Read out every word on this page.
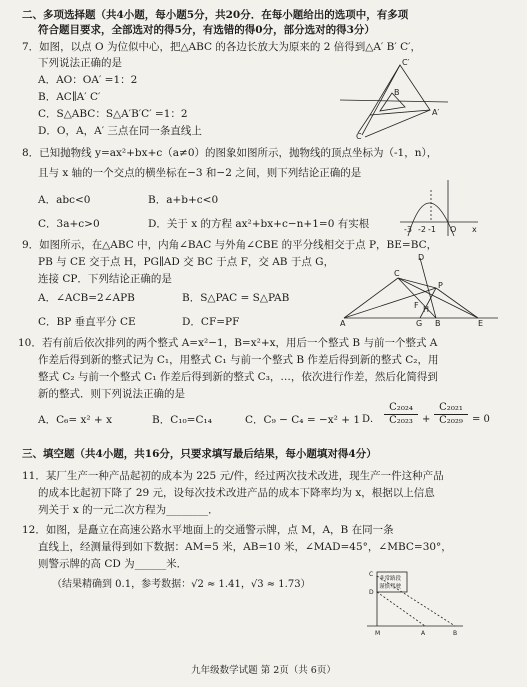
二、多项选择题（共4小题，每小题5分，共20分．在每小题给出的选项中，有多项
符合题目要求，全部选对的得5分，有选错的得0分，部分选对的得3分）
7．如图，以点 O 为位似中心，把△ABC 的各边长放大为原来的 2 倍得到△A′ B′ C′，
下列说法正确的是
A．AO：OA′ =1：2
B．AC∥A′ C′
C．S△ABC：S△A′B′C′ =1：2
D．O，A，A′ 三点在同一条直线上
C′
B
A′
C
8．已知抛物线 y=ax²+bx+c（a≠0）的图象如图所示，抛物线的顶点坐标为（-1，n），
且与 x 轴的一个交点的横坐标在−3 和−2 之间，则下列结论正确的是
A．abc<0	B．a+b+c<0
C．3a+c>0	D．关于 x 的方程 ax²+bx+c−n+1=0 有实根	-3 -2 -1 O x
9．如图所示，在△ABC 中，内角∠BAC 与外角∠CBE 的平分线相交于点 P，BE=BC，
PB 与 CE 交于点 H，PG∥AD 交 BC 于点 F，交 AB 于点 G，
连接 CP．下列结论正确的是
A．∠ACB=2∠APB	B．S△PAC = S△PAB
C．BP 垂直平分 CE	D．CF=PF	A
C
D
P
H
F
G B	E
10．若有前后依次排列的两个整式 A=x²−1，B=x²+x，用后一个整式 B 与前一个整式 A
作差后得到新的整式记为 C₁，用整式 C₁ 与前一个整式 B 作差后得到新的整式 C₂，用
整式 C₂ 与前一个整式 C₁ 作差后得到新的整式 C₃，…，依次进行作差，然后化简得到
新的整式．则下列说法正确的是
A．C₆= x² + x	B．C₁₀=C₁₄	C．C₉ − C₄ = −x² + 1 D．
C₂₀₂₄
C₂₀₂₃ +
C₂₀₂₁
C₂₀₂₉ = 0
三、填空题（共4小题，共16分，只要求填写最后结果，每小题填对得4分）
11．某厂生产一种产品起初的成本为 225 元/件，经过两次技术改进，现生产一件这种产品
的成本比起初下降了 29 元，设每次技术改进产品的成本下降率均为 x，根据以上信息
列关于 x 的一元二次方程为________．
12．如图，是矗立在高速公路水平地面上的交通警示牌，点 M，A，B 在同一条
直线上，经测量得到如下数据：AM=5 米，AB=10 米，∠MAD=45°，∠MBC=30°，
则警示牌的高 CD 为______米．
（结果精确到 0.1，参考数据：√2 ≈ 1.41，√3 ≈ 1.73）	非常路段
谨慎驾驶
C
D
M	A	B
九年级数学试题 第 2页（共 6页）
